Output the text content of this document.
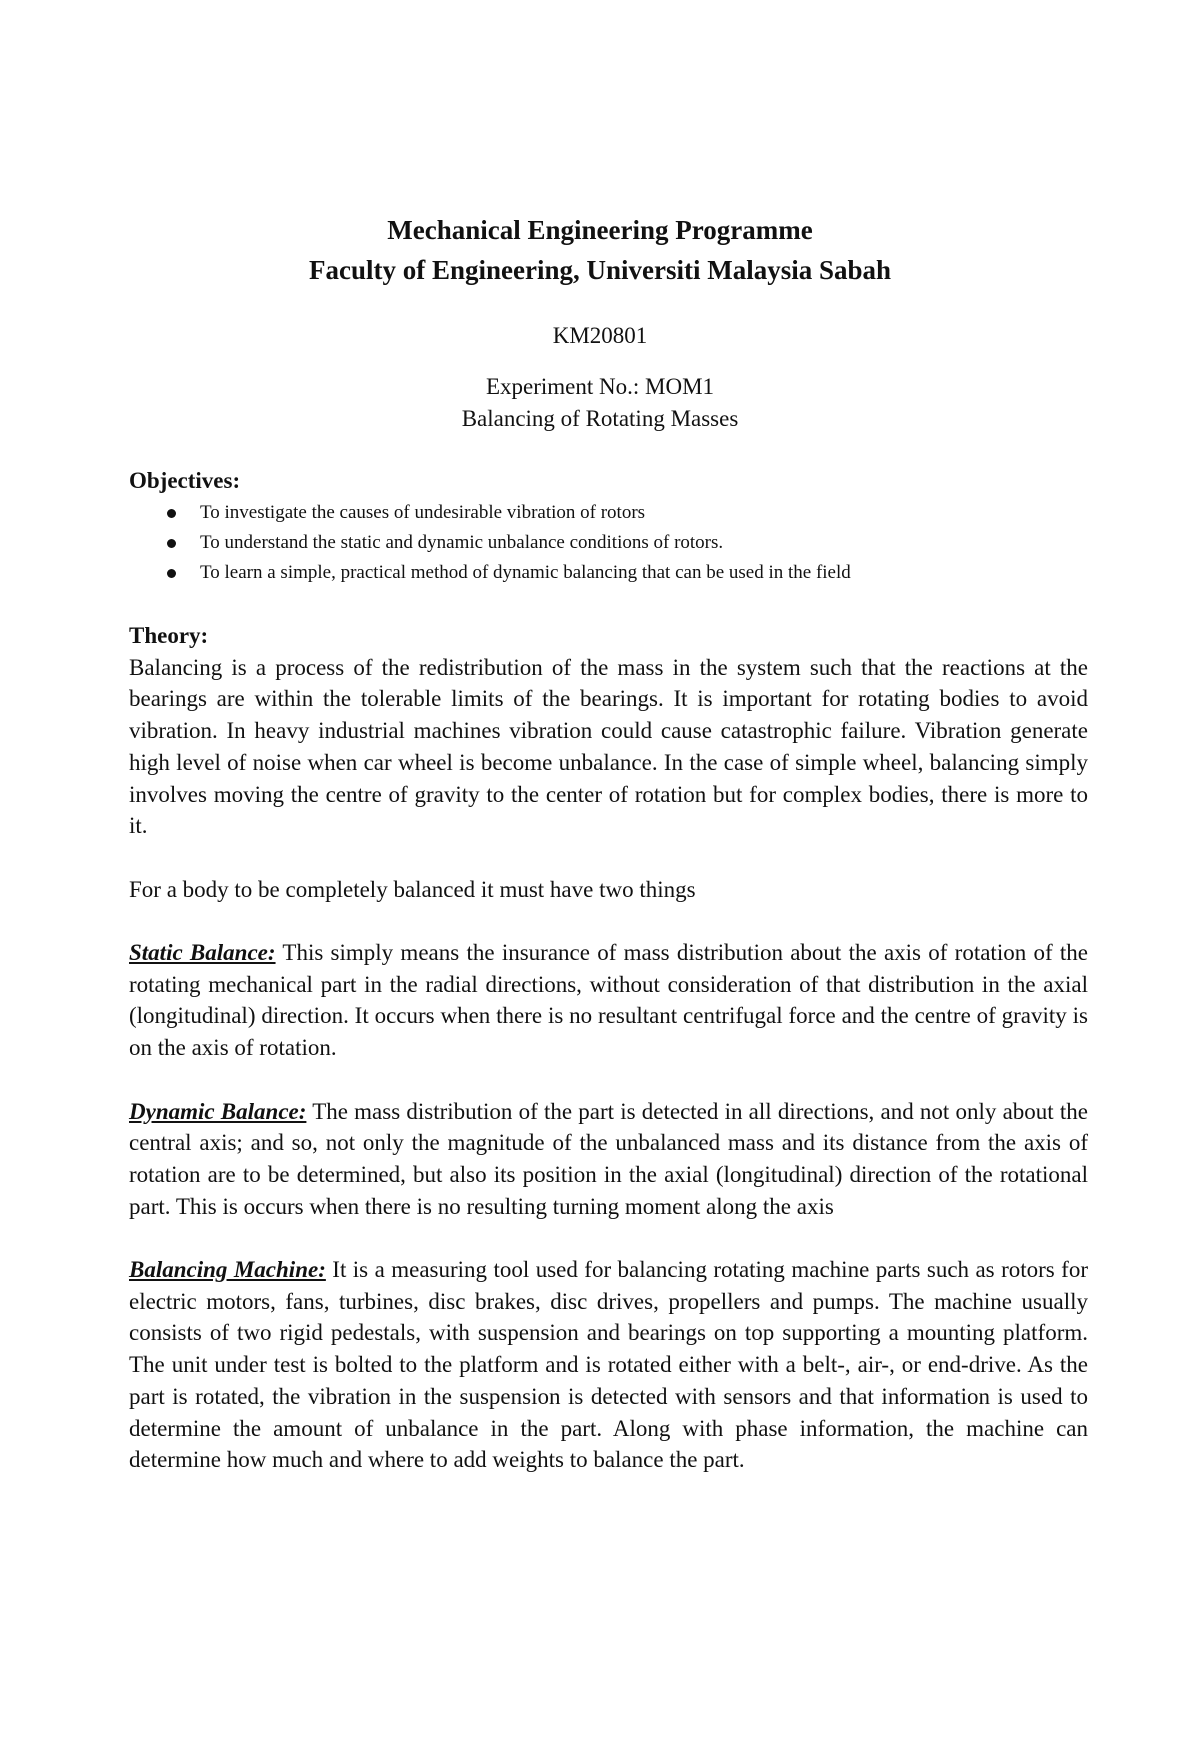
Mechanical Engineering Programme
Faculty of Engineering, Universiti Malaysia Sabah
KM20801
Experiment No.: MOM1
Balancing of Rotating Masses
Objectives:
To investigate the causes of undesirable vibration of rotors
To understand the static and dynamic unbalance conditions of rotors.
To learn a simple, practical method of dynamic balancing that can be used in the field
Theory:

Balancing is a process of the redistribution of the mass in the system such that the reactions at the bearings are within the tolerable limits of the bearings. It is important for rotating bodies to avoid vibration. In heavy industrial machines vibration could cause catastrophic failure. Vibration generate high level of noise when car wheel is become unbalance. In the case of simple wheel, balancing simply involves moving the centre of gravity to the center of rotation but for complex bodies, there is more to it.

For a body to be completely balanced it must have two things

Static Balance: This simply means the insurance of mass distribution about the axis of rotation of the rotating mechanical part in the radial directions, without consideration of that distribution in the axial (longitudinal) direction. It occurs when there is no resultant centrifugal force and the centre of gravity is on the axis of rotation.

Dynamic Balance: The mass distribution of the part is detected in all directions, and not only about the central axis; and so, not only the magnitude of the unbalanced mass and its distance from the axis of rotation are to be determined, but also its position in the axial (longitudinal) direction of the rotational part. This is occurs when there is no resulting turning moment along the axis

Balancing Machine: It is a measuring tool used for balancing rotating machine parts such as rotors for electric motors, fans, turbines, disc brakes, disc drives, propellers and pumps. The machine usually consists of two rigid pedestals, with suspension and bearings on top supporting a mounting platform. The unit under test is bolted to the platform and is rotated either with a belt-, air-, or end-drive. As the part is rotated, the vibration in the suspension is detected with sensors and that information is used to determine the amount of unbalance in the part. Along with phase information, the machine can determine how much and where to add weights to balance the part.
